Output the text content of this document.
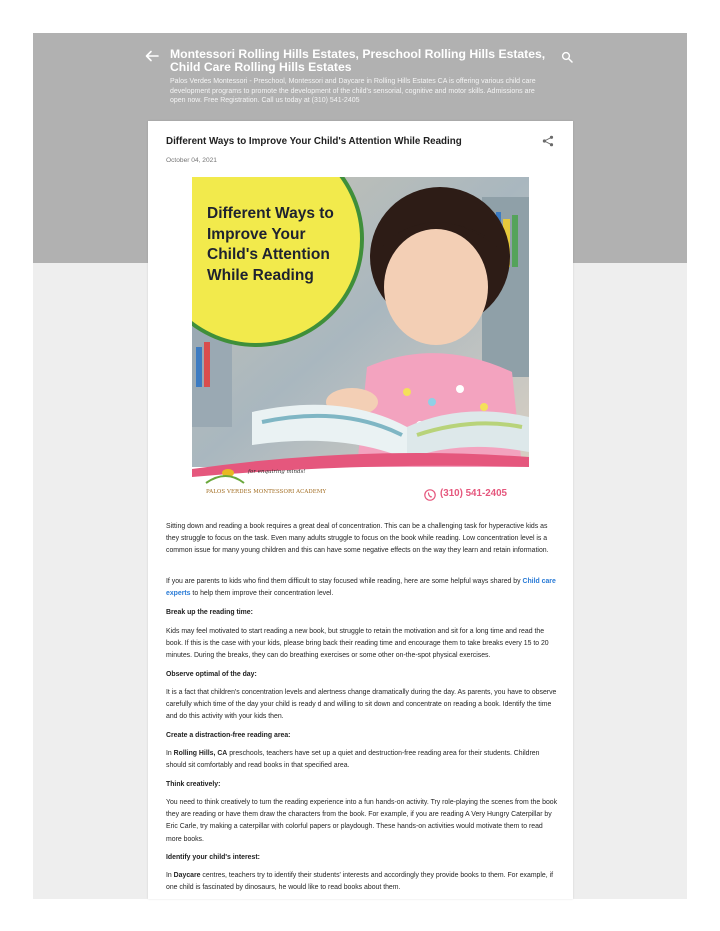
Montessori Rolling Hills Estates, Preschool Rolling Hills Estates, Child Care Rolling Hills Estates
Palos Verdes Montessori - Preschool, Montessori and Daycare in Rolling Hills Estates CA is offering various child care development programs to promote the development of the child's sensorial, cognitive and motor skills. Admissions are open now. Free Registration. Call us today at (310) 541-2405
Different Ways to Improve Your Child's Attention While Reading
October 04, 2021
Different Ways to Improve Your Child's Attention While Reading
for enquiring minds!
PALOS VERDES MONTESSORI ACADEMY	(310) 541-2405
Sitting down and reading a book requires a great deal of concentration. This can be a challenging task for hyperactive kids as they struggle to focus on the task. Even many adults struggle to focus on the book while reading. Low concentration level is a common issue for many young children and this can have some negative effects on the way they learn and retain information.
If you are parents to kids who find them difficult to stay focused while reading, here are some helpful ways shared by Child care experts to help them improve their concentration level.
Break up the reading time:
Kids may feel motivated to start reading a new book, but struggle to retain the motivation and sit for a long time and read the book. If this is the case with your kids, please bring back their reading time and encourage them to take breaks every 15 to 20 minutes. During the breaks, they can do breathing exercises or some other on-the-spot physical exercises.
Observe optimal of the day:
It is a fact that children's concentration levels and alertness change dramatically during the day. As parents, you have to observe carefully which time of the day your child is ready d and willing to sit down and concentrate on reading a book. Identify the time and do this activity with your kids then.
Create a distraction-free reading area:
In Rolling Hills, CA preschools, teachers have set up a quiet and destruction-free reading area for their students. Children should sit comfortably and read books in that specified area.
Think creatively:
You need to think creatively to turn the reading experience into a fun hands-on activity. Try role-playing the scenes from the book they are reading or have them draw the characters from the book. For example, if you are reading A Very Hungry Caterpillar by Eric Carle, try making a caterpillar with colorful papers or playdough. These hands-on activities would motivate them to read more books.
Identify your child's interest:
In Daycare centres, teachers try to identify their students' interests and accordingly they provide books to them. For example, if one child is fascinated by dinosaurs, he would like to read books about them.
